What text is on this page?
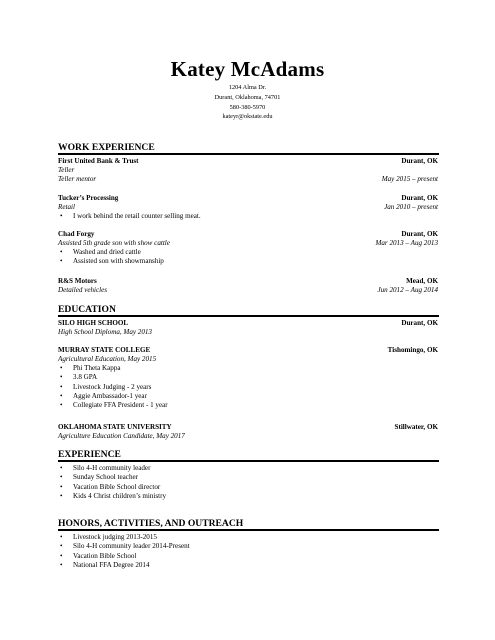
Katey McAdams
1204 Alma Dr.
Durant, Oklahoma, 74701
580-380-5970
kateyr@okstate.edu
WORK EXPERIENCE
First United Bank & Trust	Durant, OK
Teller
Teller mentor	May 2015 – present
Tucker’s Processing	Durant, OK
Retail	Jan 2010 – present
• I work behind the retail counter selling meat.
Chad Forgy	Durant, OK
Assisted 5th grade son with show cattle	Mar 2013 – Aug 2013
• Washed and dried cattle
• Assisted son with showmanship
R&S Motors	Mead, OK
Detailed vehicles	Jun 2012 – Aug 2014
EDUCATION
SILO HIGH SCHOOL	Durant, OK
High School Diploma, May 2013
MURRAY STATE COLLEGE	Tishomingo, OK
Agricultural Education, May 2015
• Phi Theta Kappa
• 3.8 GPA
• Livestock Judging - 2 years
• Aggie Ambassador-1 year
• Collegiate FFA President - 1 year
OKLAHOMA STATE UNIVERSITY	Stillwater, OK
Agriculture Education Candidate, May 2017
EXPERIENCE
• Silo 4-H community leader
• Sunday School teacher
• Vacation Bible School director
• Kids 4 Christ children’s ministry
HONORS, ACTIVITIES, AND OUTREACH
• Livestock judging 2013-2015
• Silo 4-H community leader 2014-Present
• Vacation Bible School
• National FFA Degree 2014
